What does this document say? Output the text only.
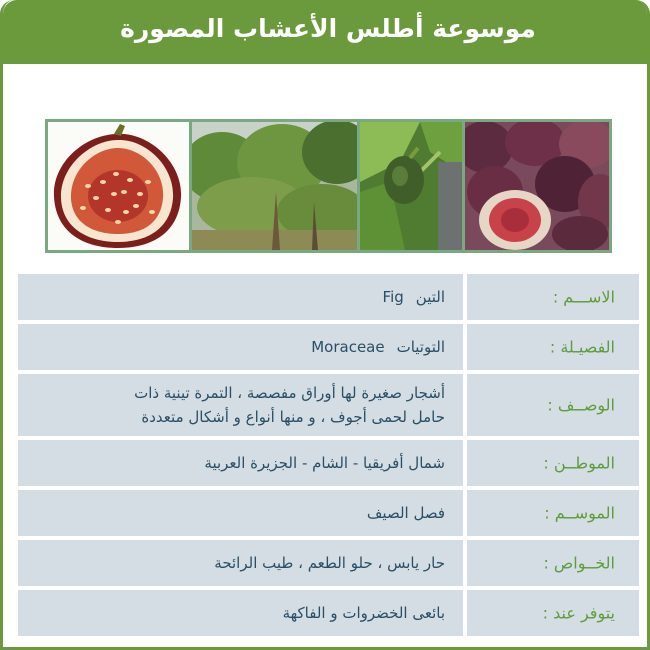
موسوعة أطلس الأعشاب المصورة
الاســـم :
التينFig
الفصيـلة :
التوتياتMoraceae
الوصــف :
أشجار صغيرة لها أوراق مفصصة ، التمرة تينية ذات
حامل لحمى أجوف ، و منها أنواع و أشكال متعددة
الموطــن :
شمال أفريقيا - الشام - الجزيرة العربية
الموســم :
فصل الصيف
الخــواص :
حار يابس ، حلو الطعم ، طيب الرائحة
يتوفر عند :
بائعى الخضروات و الفاكهة
